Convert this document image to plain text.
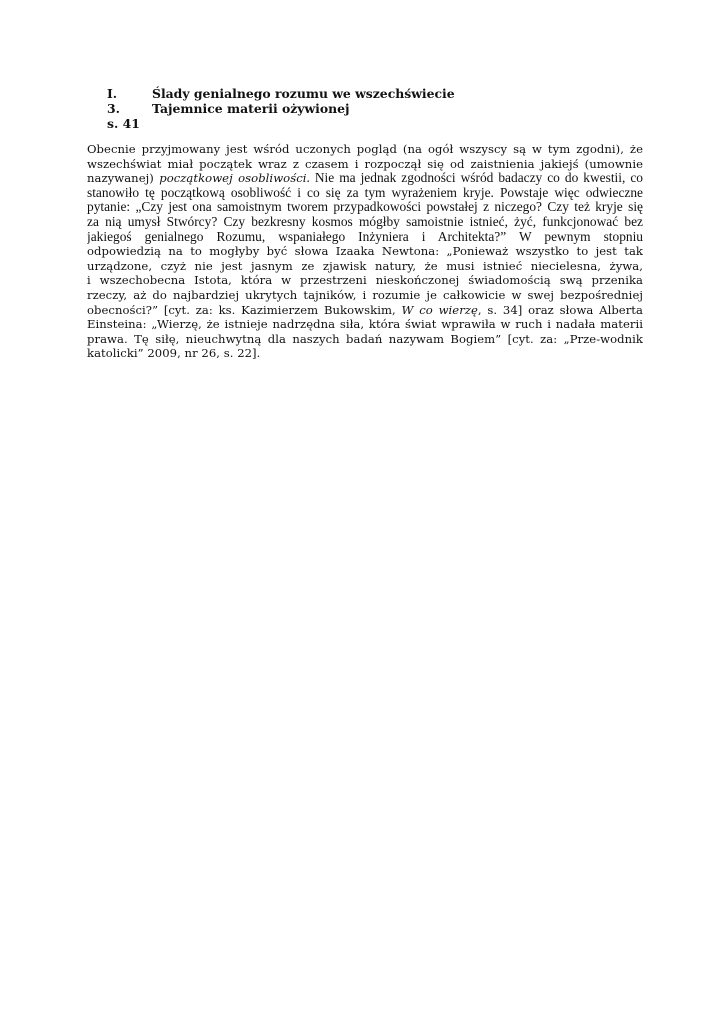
I.	Ślady genialnego rozumu we wszechświecie
3.	Tajemnice materii ożywionej
s. 41
Obecnie przyjmowany jest wśród uczonych pogląd (na ogół wszyscy są w tym zgodni), że
wszechświat miał początek wraz z czasem i rozpoczął się od zaistnienia jakiejś (umownie
nazywanej) początkowej osobliwości. Nie ma jednak zgodności wśród badaczy co do kwestii, co
stanowiło tę początkową osobliwość i co się za tym wyrażeniem kryje. Powstaje więc odwieczne
pytanie: „Czy jest ona samoistnym tworem przypadkowości powstałej z niczego? Czy też kryje się
za nią umysł Stwórcy? Czy bezkresny kosmos mógłby samoistnie istnieć, żyć, funkcjonować bez
jakiegoś genialnego Rozumu, wspaniałego Inżyniera i Architekta?” W pewnym stopniu
odpowiedzią na to mogłyby być słowa Izaaka Newtona: „Ponieważ wszystko to jest tak
urządzone, czyż nie jest jasnym ze zjawisk natury, że musi istnieć niecielesna, żywa,
i wszechobecna Istota, która w przestrzeni nieskończonej świadomością swą przenika
rzeczy, aż do najbardziej ukrytych tajników, i rozumie je całkowicie w swej bezpośredniej
obecności?” [cyt. za: ks. Kazimierzem Bukowskim, W co wierzę, s. 34] oraz słowa Alberta
Einsteina: „Wierzę, że istnieje nadrzędna siła, która świat wprawiła w ruch i nadała materii
prawa. Tę siłę, nieuchwytną dla naszych badań nazywam Bogiem” [cyt. za: „Prze-wodnik
katolicki” 2009, nr 26, s. 22].
